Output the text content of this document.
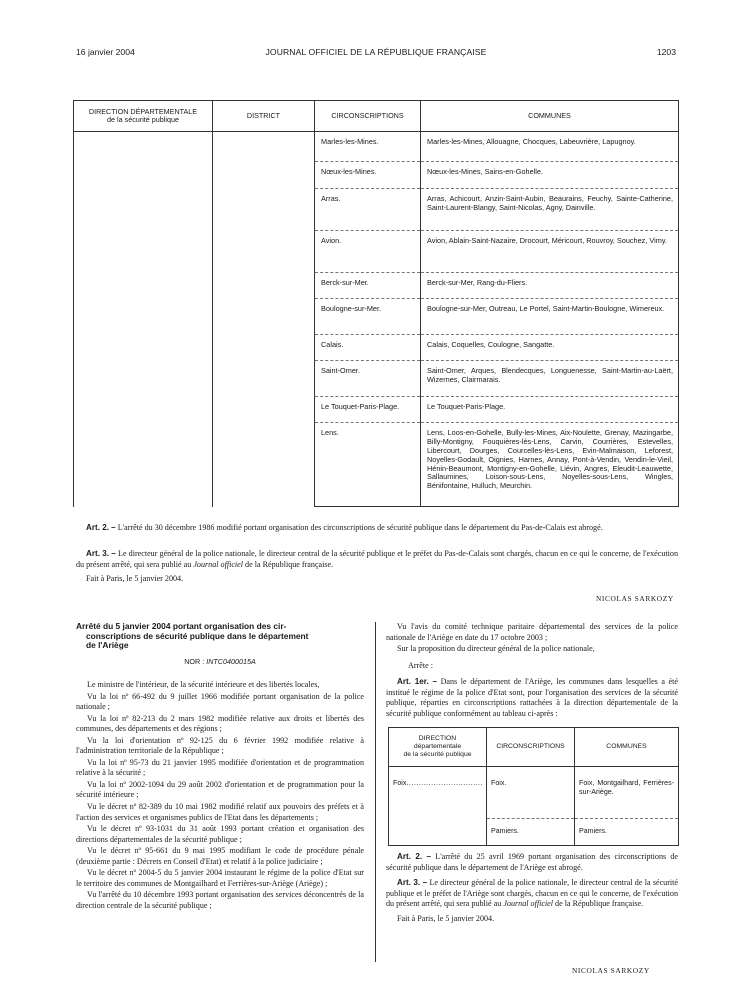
16 janvier 2004	JOURNAL OFFICIEL DE LA RÉPUBLIQUE FRANÇAISE	1203
DIRECTION DÉPARTEMENTALE
de la sécurité publique	DISTRICT	CIRCONSCRIPTIONS	COMMUNES
		Marles-les-Mines.	Marles-les-Mines, Allouagne, Chocques, Labeuvrière, Lapugnoy.
		Nœux-les-Mines.	Nœux-les-Mines, Sains-en-Gohelle.
		Arras.	Arras, Achicourt, Anzin-Saint-Aubin, Beaurains, Feuchy, Sainte-Catherine, Saint-Laurent-Blangy, Saint-Nicolas, Agny, Dainville.
		Avion.	Avion, Ablain-Saint-Nazaire, Drocourt, Méricourt, Rouvroy, Souchez, Vimy.
		Berck-sur-Mer.	Berck-sur-Mer, Rang-du-Fliers.
		Boulogne-sur-Mer.	Boulogne-sur-Mer, Outreau, Le Portel, Saint-Martin-Boulogne, Wimereux.
		Calais.	Calais, Coquelles, Coulogne, Sangatte.
		Saint-Omer.	Saint-Omer, Arques, Blendecques, Longuenesse, Saint-Martin-au-Laërt, Wizernes, Clairmarais.
		Le Touquet-Paris-Plage.	Le Touquet-Paris-Plage.
		Lens.	Lens, Loos-en-Gohelle, Bully-les-Mines, Aix-Noulette, Grenay, Mazingarbe, Billy-Montigny, Fouquières-lès-Lens, Carvin, Courrières, Estevelles, Libercourt, Dourges, Courcelles-lès-Lens, Evin-Malmaison, Leforest, Noyelles-Godault, Oignies, Harnes, Annay, Pont-à-Vendin, Vendin-le-Vieil, Hénin-Beaumont, Montigny-en-Gohelle, Liévin, Angres, Eleudit-Leauwette, Sallaumines, Loison-sous-Lens, Noyelles-sous-Lens, Wingles, Bénifontaine, Hulluch, Meurchin.
Art. 2. – L'arrêté du 30 décembre 1986 modifié portant organisation des circonscriptions de sécurité publique dans le département du Pas-de-Calais est abrogé.
Art. 3. – Le directeur général de la police nationale, le directeur central de la sécurité publique et le préfet du Pas-de-Calais sont chargés, chacun en ce qui le concerne, de l'exécution du présent arrêté, qui sera publié au Journal officiel de la République française.
Fait à Paris, le 5 janvier 2004.
NICOLAS SARKOZY

Arrêté du 5 janvier 2004 portant organisation des cir-
conscriptions de sécurité publique dans le département
de l'Ariège

NOR : INTC0400015A

Le ministre de l'intérieur, de la sécurité intérieure et des libertés locales,

Vu la loi nº 66-492 du 9 juillet 1966 modifiée portant organisation de la police nationale ;

Vu la loi nº 82-213 du 2 mars 1982 modifiée relative aux droits et libertés des communes, des départements et des régions ;

Vu la loi d'orientation nº 92-125 du 6 février 1992 modifiée relative à l'administration territoriale de la République ;

Vu la loi nº 95-73 du 21 janvier 1995 modifiée d'orientation et de programmation relative à la sécurité ;

Vu la loi nº 2002-1094 du 29 août 2002 d'orientation et de programmation pour la sécurité intérieure ;

Vu le décret nº 82-389 du 10 mai 1982 modifié relatif aux pouvoirs des préfets et à l'action des services et organismes publics de l'Etat dans les départements ;

Vu le décret nº 93-1031 du 31 août 1993 portant création et organisation des directions départementales de la sécurité publique ;

Vu le décret nº 95-661 du 9 mai 1995 modifiant le code de procédure pénale (deuxième partie : Décrets en Conseil d'Etat) et relatif à la police judiciaire ;

Vu le décret nº 2004-5 du 5 janvier 2004 instaurant le régime de la police d'Etat sur le territoire des communes de Montgailhard et Ferrières-sur-Ariège (Ariège) ;

Vu l'arrêté du 10 décembre 1993 portant organisation des services déconcentrés de la direction centrale de la sécurité publique ;

Vu l'avis du comité technique paritaire départemental des services de la police nationale de l'Ariège en date du 17 octobre 2003 ;

Sur la proposition du directeur général de la police nationale,

Arrête :

Art. 1er. – Dans le département de l'Ariège, les communes dans lesquelles a été institué le régime de la police d'Etat sont, pour l'organisation des services de la sécurité publique, réparties en circonscriptions rattachées à la direction départementale de la sécurité publique conformément au tableau ci-après :

DIRECTION
départementale
de la sécurité publique	CIRCONSCRIPTIONS	COMMUNES
Foix...............................	Foix.	Foix, Montgailhard, Ferrières-sur-Ariège.
	Pamiers.	Pamiers.

Art. 2. – L'arrêté du 25 avril 1969 portant organisation des circonscriptions de sécurité publique dans le département de l'Ariège est abrogé.

Art. 3. – Le directeur général de la police nationale, le directeur central de la sécurité publique et le préfet de l'Ariège sont chargés, chacun en ce qui le concerne, de l'exécution du présent arrêté, qui sera publié au Journal officiel de la République française.

Fait à Paris, le 5 janvier 2004.

NICOLAS SARKOZY
